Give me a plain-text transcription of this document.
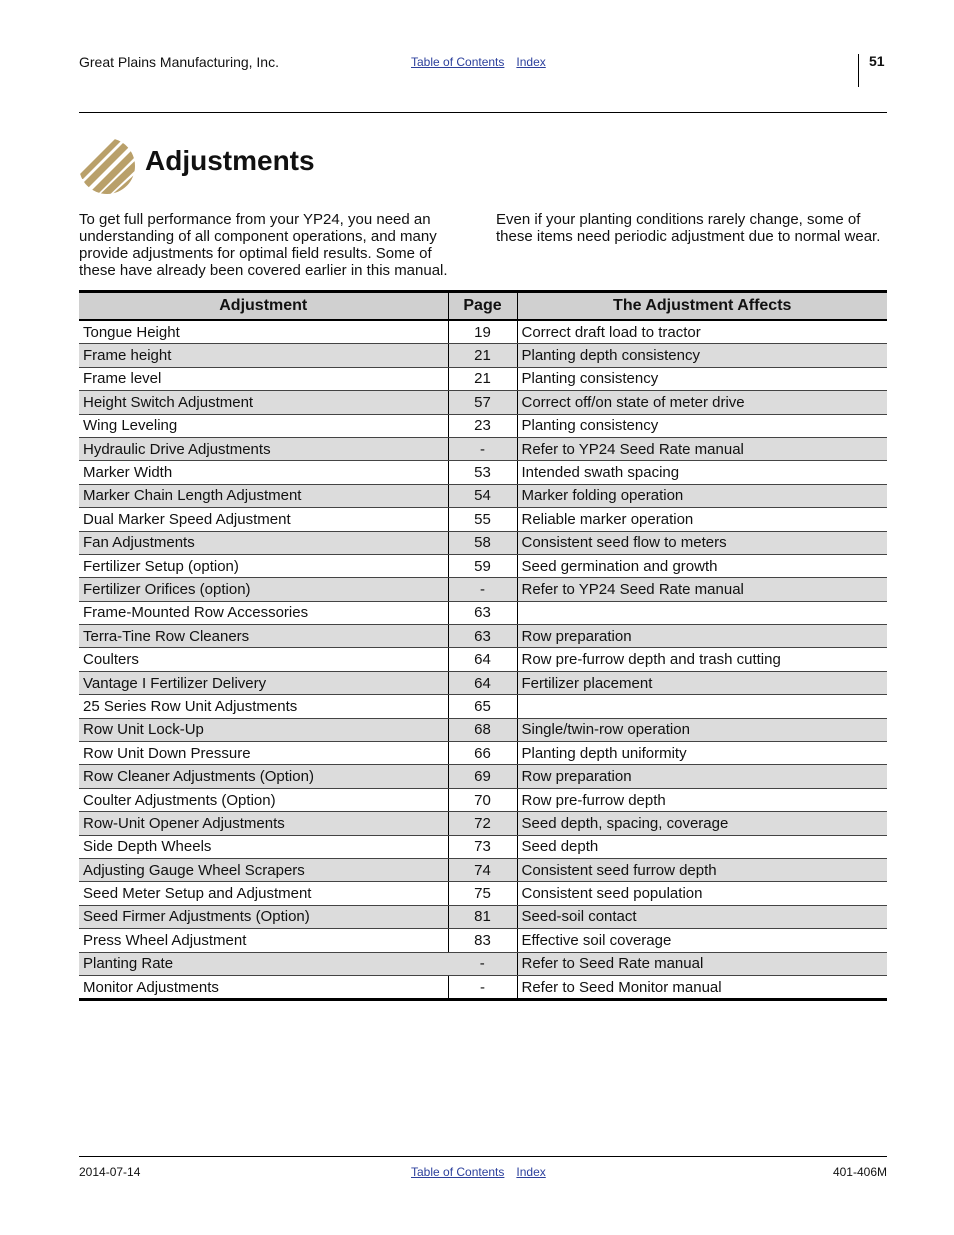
Great Plains Manufacturing, Inc.	Table of Contents Index	51
Adjustments

To get full performance from your YP24, you need an understanding of all component operations, and many provide adjustments for optimal field results. Some of these have already been covered earlier in this manual.

Even if your planting conditions rarely change, some of these items need periodic adjustment due to normal wear.

Adjustment	Page	The Adjustment Affects
Tongue Height	19	Correct draft load to tractor
Frame height	21	Planting depth consistency
Frame level	21	Planting consistency
Height Switch Adjustment	57	Correct off/on state of meter drive
Wing Leveling	23	Planting consistency
Hydraulic Drive Adjustments	-	Refer to YP24 Seed Rate manual
Marker Width	53	Intended swath spacing
Marker Chain Length Adjustment	54	Marker folding operation
Dual Marker Speed Adjustment	55	Reliable marker operation
Fan Adjustments	58	Consistent seed flow to meters
Fertilizer Setup (option)	59	Seed germination and growth
Fertilizer Orifices (option)	-	Refer to YP24 Seed Rate manual
Frame-Mounted Row Accessories	63	
Terra-Tine Row Cleaners	63	Row preparation
Coulters	64	Row pre-furrow depth and trash cutting
Vantage I Fertilizer Delivery	64	Fertilizer placement
25 Series Row Unit Adjustments	65	
Row Unit Lock-Up	68	Single/twin-row operation
Row Unit Down Pressure	66	Planting depth uniformity
Row Cleaner Adjustments (Option)	69	Row preparation
Coulter Adjustments (Option)	70	Row pre-furrow depth
Row-Unit Opener Adjustments	72	Seed depth, spacing, coverage
Side Depth Wheels	73	Seed depth
Adjusting Gauge Wheel Scrapers	74	Consistent seed furrow depth
Seed Meter Setup and Adjustment	75	Consistent seed population
Seed Firmer Adjustments (Option)	81	Seed-soil contact
Press Wheel Adjustment	83	Effective soil coverage
Planting Rate	-	Refer to Seed Rate manual
Monitor Adjustments	-	Refer to Seed Monitor manual
2014-07-14	Table of Contents Index	401-406M
